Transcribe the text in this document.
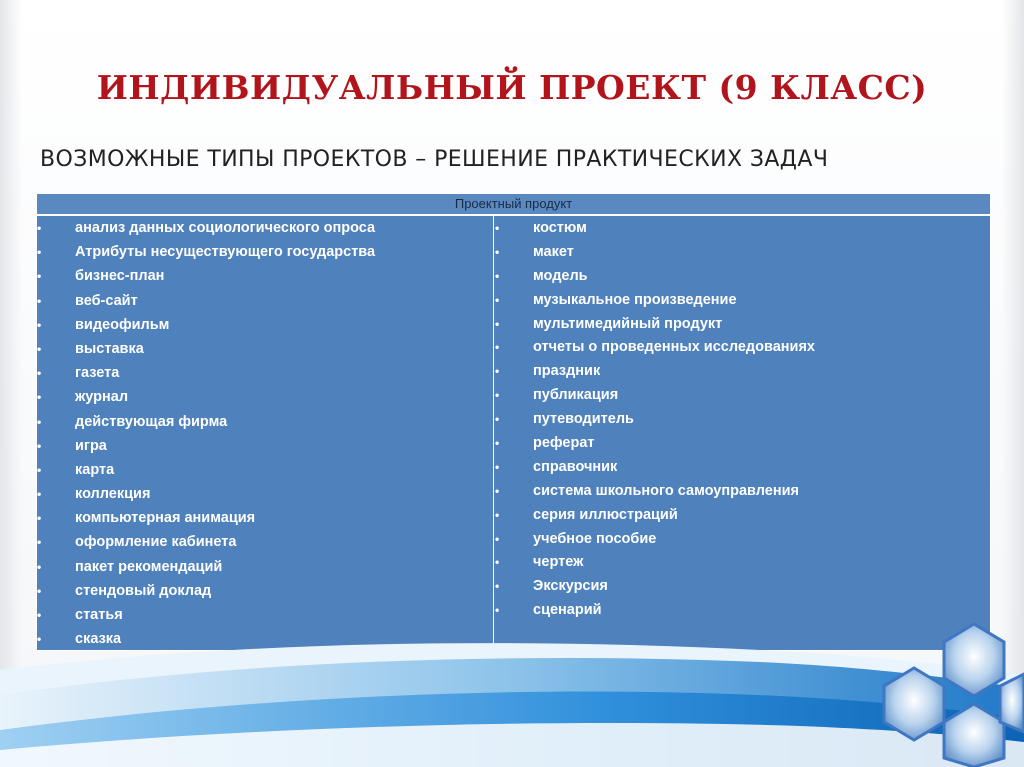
ИНДИВИДУАЛЬНЫЙ ПРОЕКТ (9 КЛАСС)
ВОЗМОЖНЫЕ ТИПЫ ПРОЕКТОВ – РЕШЕНИЕ ПРАКТИЧЕСКИХ ЗАДАЧ
Проектный продукт
•	анализ данных социологического опроса
•	Атрибуты несуществующего государства
•	бизнес-план
•	веб-сайт
•	видеофильм
•	выставка
•	газета
•	журнал
•	действующая фирма
•	игра
•	карта
•	коллекция
•	компьютерная анимация
•	оформление кабинета
•	пакет рекомендаций
•	стендовый доклад
•	статья
•	сказка
•	костюм
•	макет
•	модель
•	музыкальное произведение
•	мультимедийный продукт
•	отчеты о проведенных исследованиях
•	праздник
•	публикация
•	путеводитель
•	реферат
•	справочник
•	система школьного самоуправления
•	серия иллюстраций
•	учебное пособие
•	чертеж
•	Экскурсия
•	сценарий
